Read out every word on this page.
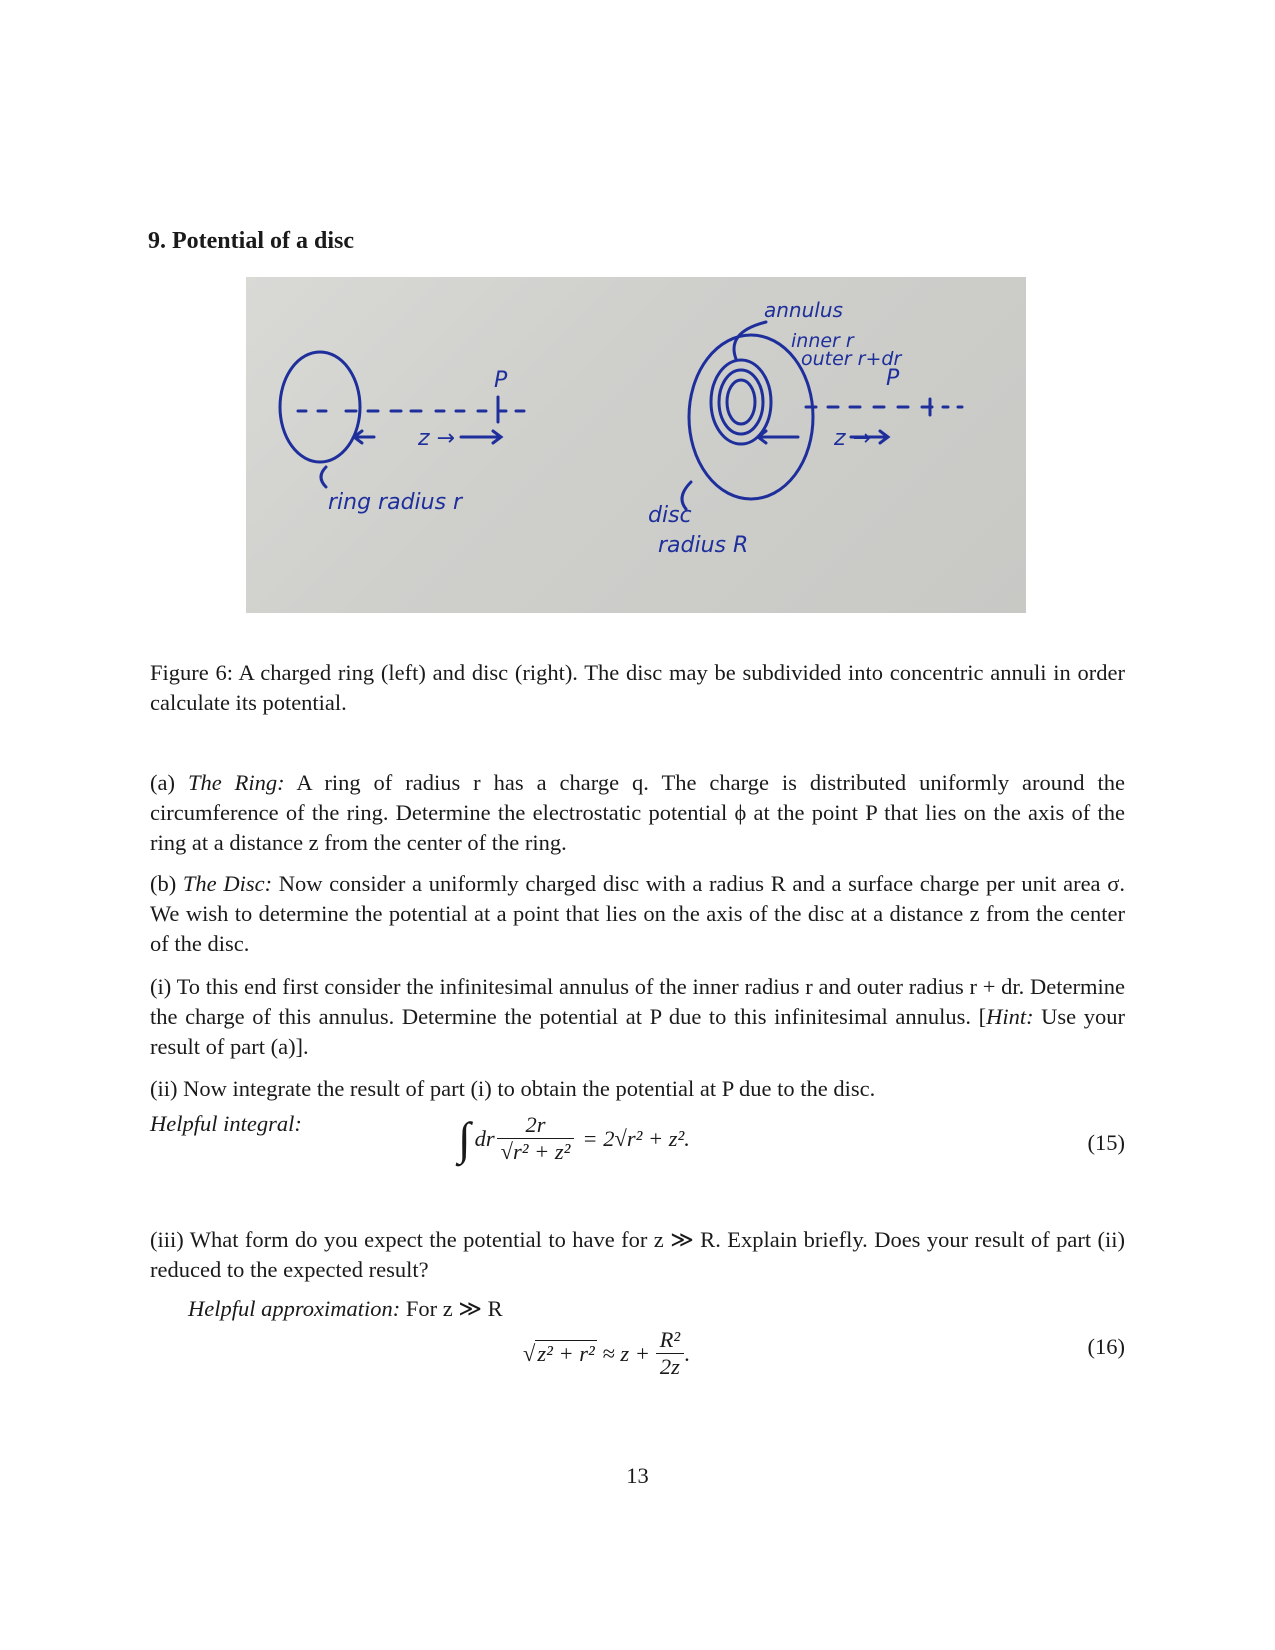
9. Potential of a disc
P
z →
ring radius r
annulus
inner r
outer r+dr
P
z →
disc
radius R
Figure 6: A charged ring (left) and disc (right). The disc may be subdivided into concentric annuli in order calculate its potential.
(a) The Ring: A ring of radius r has a charge q. The charge is distributed uniformly around the circumference of the ring. Determine the electrostatic potential ϕ at the point P that lies on the axis of the ring at a distance z from the center of the ring.
(b) The Disc: Now consider a uniformly charged disc with a radius R and a surface charge per unit area σ. We wish to determine the potential at a point that lies on the axis of the disc at a distance z from the center of the disc.
(i) To this end first consider the infinitesimal annulus of the inner radius r and outer radius r + dr. Determine the charge of this annulus. Determine the potential at P due to this infinitesimal annulus. [Hint: Use your result of part (a)].
(ii) Now integrate the result of part (i) to obtain the potential at P due to the disc.
Helpful integral:	∫ dr $\frac{2r}{\text{√r² + z²}} = 2√r^2 + z^2$.	(15)
(iii) What form do you expect the potential to have for z ≫ R. Explain briefly. Does your result of part (ii) reduced to the expected result?
Helpful approximation: For z ≫ R
$√z^2 + r^2 \approx z + \frac{\text{R²}}{2z}$ .	(16)
13
